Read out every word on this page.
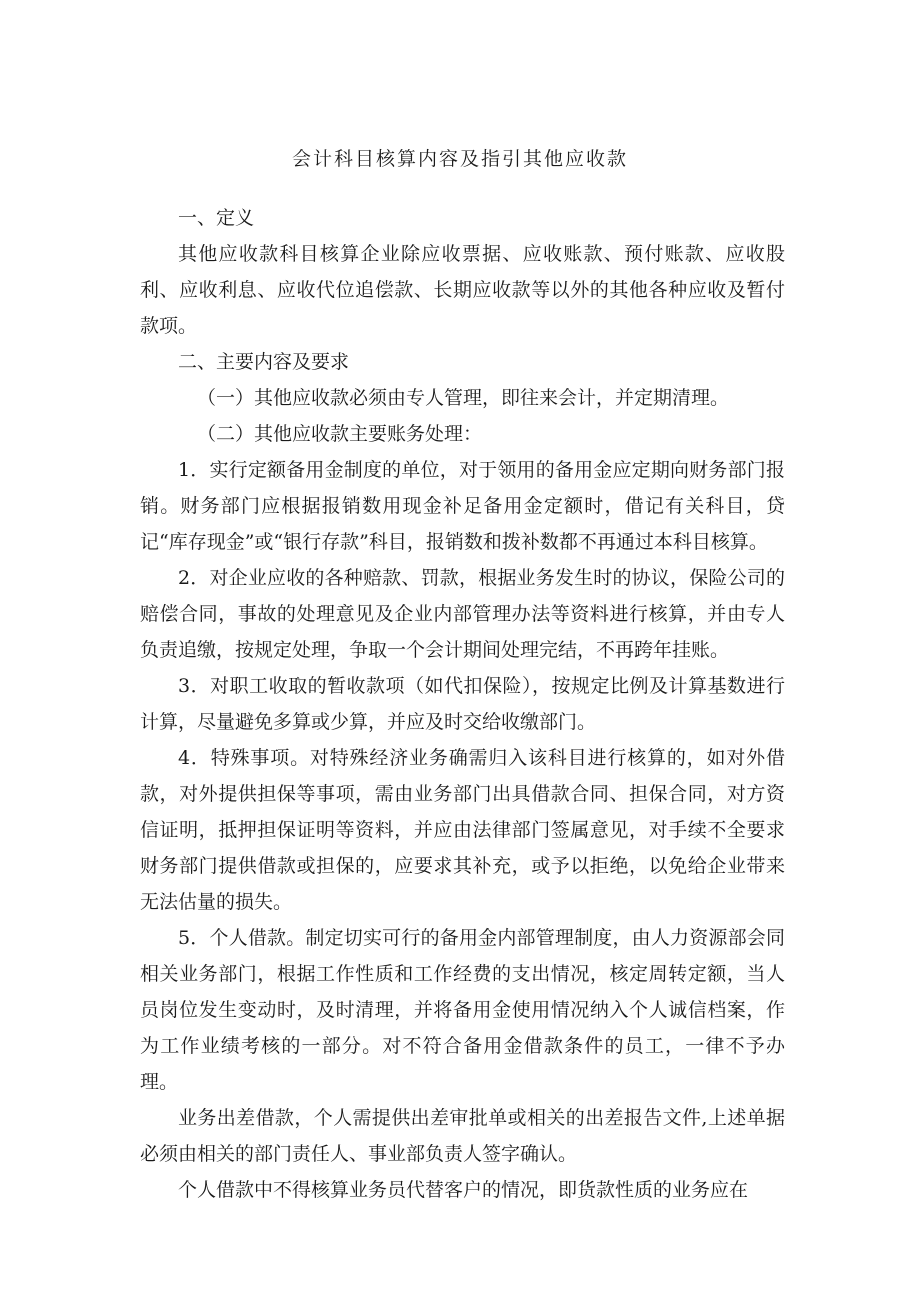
会计科目核算内容及指引其他应收款

一、定义

其他应收款科目核算企业除应收票据、应收账款、预付账款、应收股利、应收利息、应收代位追偿款、长期应收款等以外的其他各种应收及暂付款项。

二、主要内容及要求

（一）其他应收款必须由专人管理，即往来会计，并定期清理。

（二）其他应收款主要账务处理：

1．实行定额备用金制度的单位，对于领用的备用金应定期向财务部门报销。财务部门应根据报销数用现金补足备用金定额时，借记有关科目，贷记“库存现金”或“银行存款”科目，报销数和拨补数都不再通过本科目核算。

2．对企业应收的各种赔款、罚款，根据业务发生时的协议，保险公司的赔偿合同，事故的处理意见及企业内部管理办法等资料进行核算，并由专人负责追缴，按规定处理，争取一个会计期间处理完结，不再跨年挂账。

3．对职工收取的暂收款项（如代扣保险），按规定比例及计算基数进行计算，尽量避免多算或少算，并应及时交给收缴部门。

4．特殊事项。对特殊经济业务确需归入该科目进行核算的，如对外借款，对外提供担保等事项，需由业务部门出具借款合同、担保合同，对方资信证明，抵押担保证明等资料，并应由法律部门签属意见，对手续不全要求财务部门提供借款或担保的，应要求其补充，或予以拒绝，以免给企业带来无法估量的损失。

5．个人借款。制定切实可行的备用金内部管理制度，由人力资源部会同相关业务部门，根据工作性质和工作经费的支出情况，核定周转定额，当人员岗位发生变动时，及时清理，并将备用金使用情况纳入个人诚信档案，作为工作业绩考核的一部分。对不符合备用金借款条件的员工，一律不予办理。

业务出差借款，个人需提供出差审批单或相关的出差报告文件,上述单据必须由相关的部门责任人、事业部负责人签字确认。

个人借款中不得核算业务员代替客户的情况，即货款性质的业务应在
